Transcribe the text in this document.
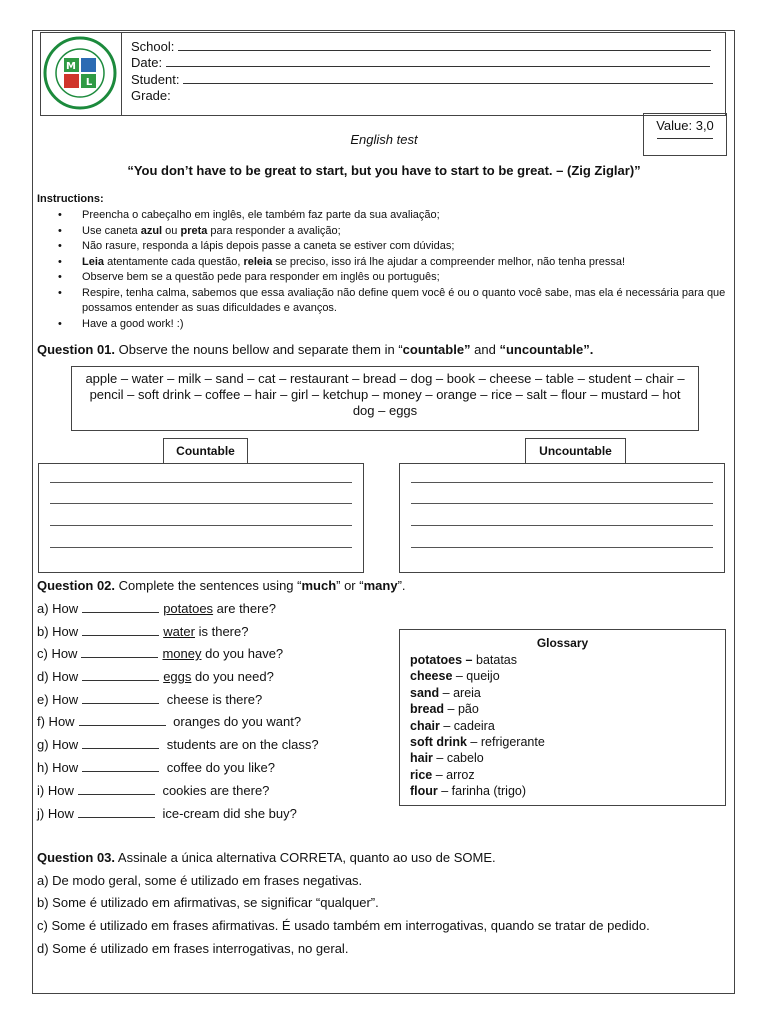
M
L
School:
Date:
Student:
Grade:
Value: 3,0
English test
“You don’t have to be great to start, but you have to start to be great. – (Zig Ziglar)”
Instructions:
• Preencha o cabeçalho em inglês, ele também faz parte da sua avaliação;
• Use caneta azul ou preta para responder a avalição;
• Não rasure, responda a lápis depois passe a caneta se estiver com dúvidas;
• Leia atentamente cada questão, releia se preciso, isso irá lhe ajudar a compreender melhor, não tenha pressa!
• Observe bem se a questão pede para responder em inglês ou português;
• Respire, tenha calma, sabemos que essa avaliação não define quem você é ou o quanto você sabe, mas ela é necessária para que possamos entender as suas dificuldades e avanços.
• Have a good work! :)
Question 01. Observe the nouns bellow and separate them in “countable” and “uncountable”.
apple – water – milk – sand – cat – restaurant – bread – dog – book – cheese – table – student – chair – pencil – soft drink – coffee – hair – girl – ketchup – money – orange – rice – salt – flour – mustard – hot dog – eggs
Countable	Uncountable
Question 02. Complete the sentences using “much” or “many”.
a) How	potatoes are there?
b) How	water is there?
c) How	money do you have?
d) How	eggs do you need?
e) How	cheese is there?
f) How	oranges do you want?
g) How	students are on the class?
h) How	coffee do you like?
i) How	cookies are there?
j) How	ice-cream did she buy?
Glossary
potatoes – batatas
cheese – queijo
sand – areia
bread – pão
chair – cadeira
soft drink – refrigerante
hair – cabelo
rice – arroz
flour – farinha (trigo)
Question 03. Assinale a única alternativa CORRETA, quanto ao uso de SOME.
a) De modo geral, some é utilizado em frases negativas.
b) Some é utilizado em afirmativas, se significar “qualquer”.
c) Some é utilizado em frases afirmativas. É usado também em interrogativas, quando se tratar de pedido.
d) Some é utilizado em frases interrogativas, no geral.
